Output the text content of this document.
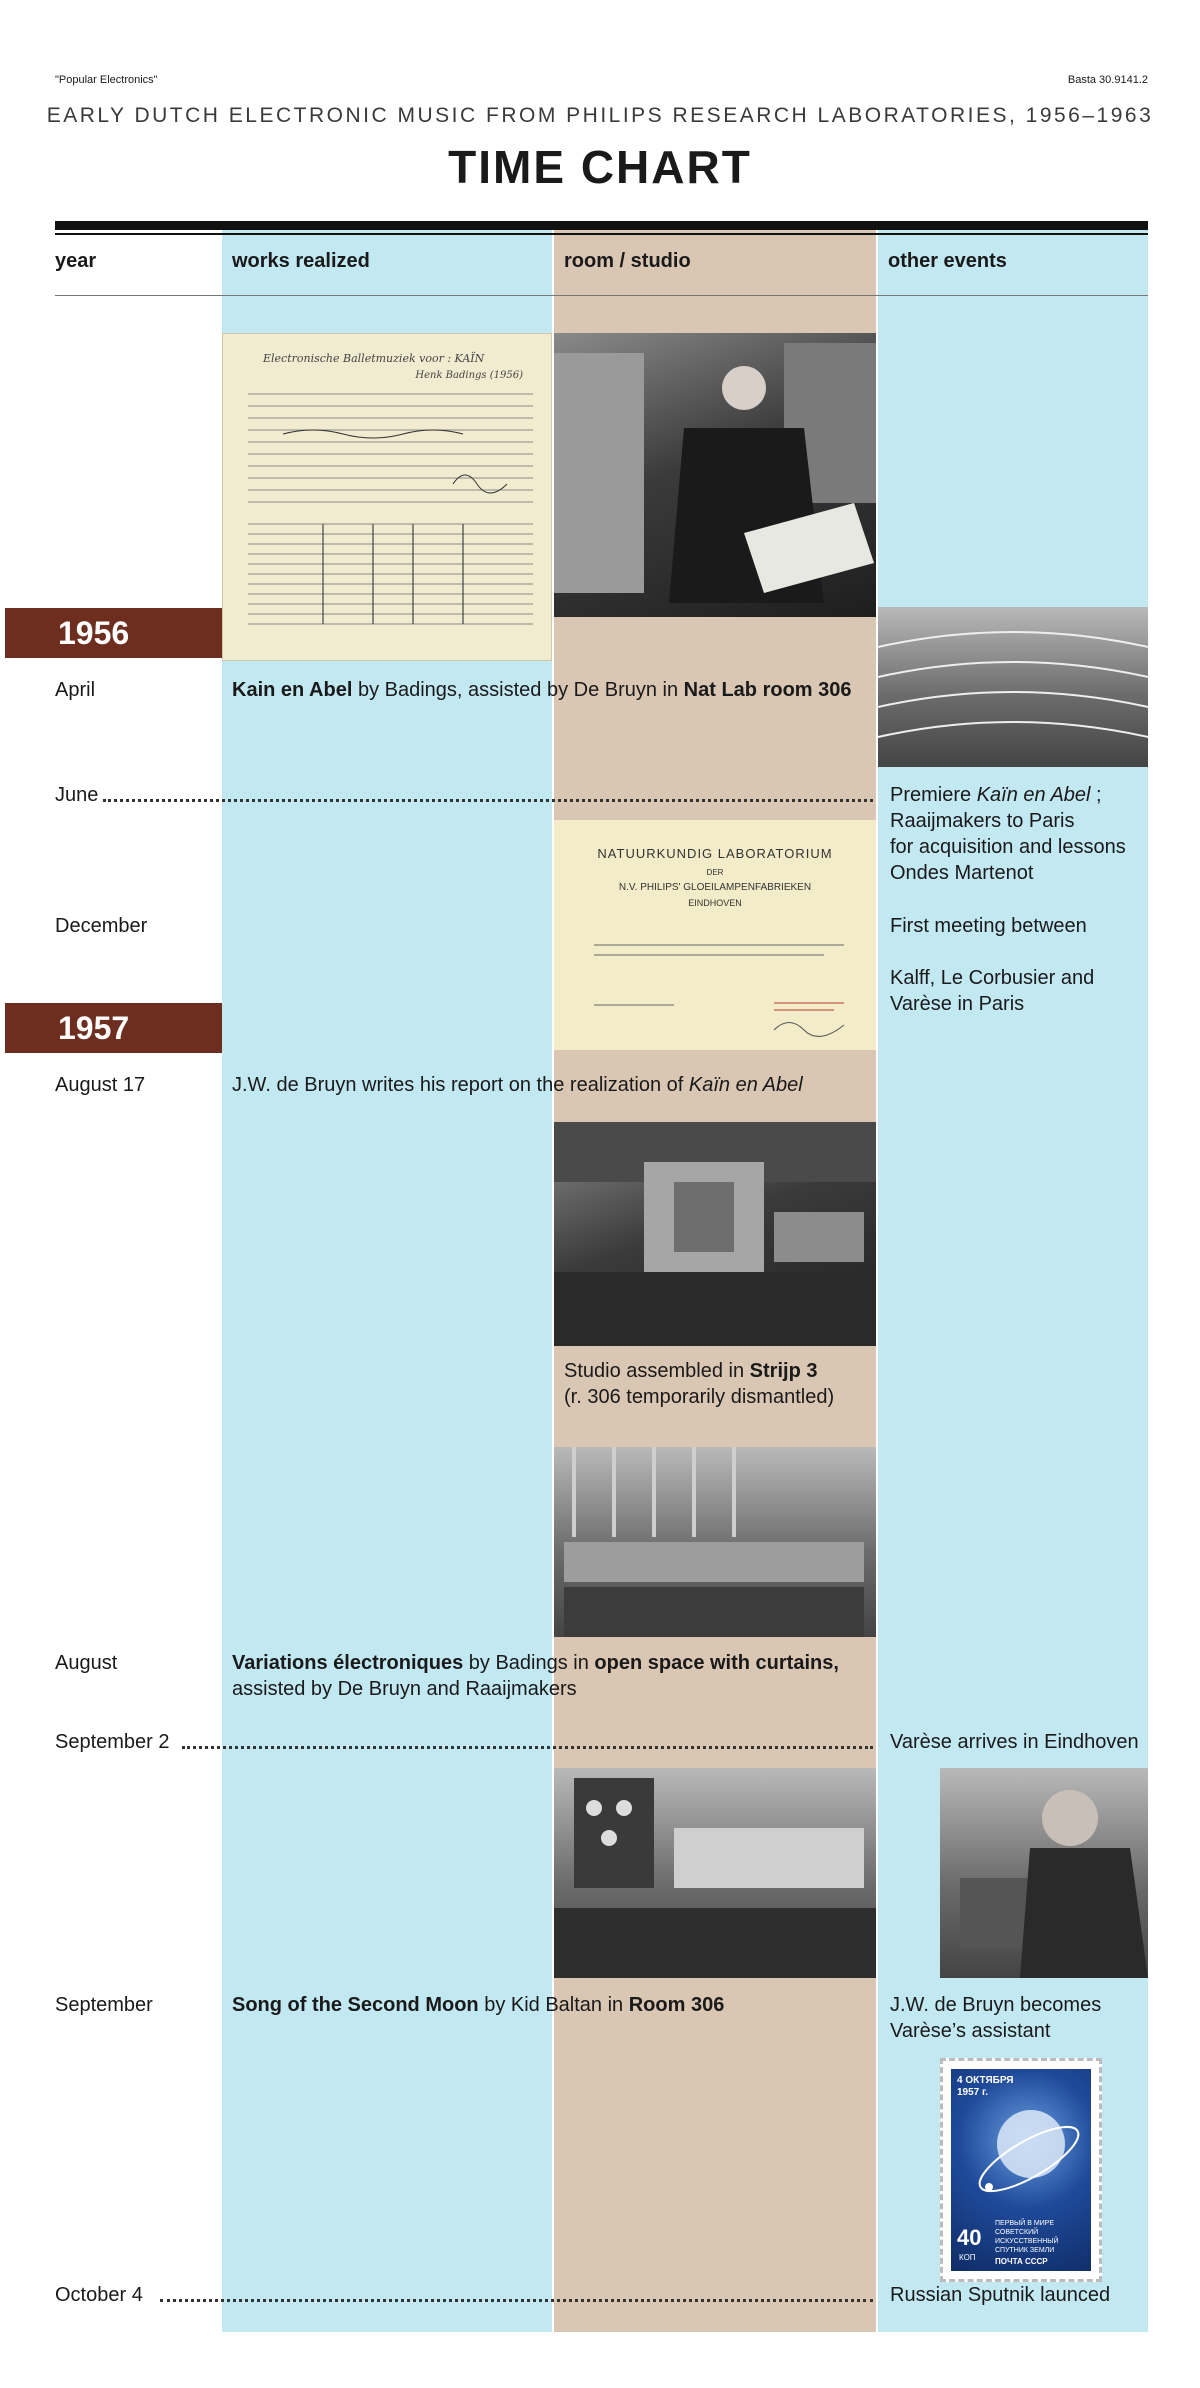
"Popular Electronics"	Basta 30.9141.2
EARLY DUTCH ELECTRONIC MUSIC FROM PHILIPS RESEARCH LABORATORIES, 1956–1963
TIME CHART
year	works realized	room / studio	other events
Electronische Balletmuziek voor : KAÏN
Henk Badings (1956)
1956
April	Kain en Abel by Badings, assisted by De Bruyn in Nat Lab room 306
June	Premiere Kaïn en Abel ;
Raaijmakers to Paris
for acquisition and lessons
Ondes Martenot
NATUURKUNDIG LABORATORIUM
DER
N.V. PHILIPS' GLOEILAMPENFABRIEKEN
EINDHOVEN
December	First meeting between
Kalff, Le Corbusier and
Varèse in Paris
1957
August 17	J.W. de Bruyn writes his report on the realization of Kaïn en Abel
Studio assembled in Strijp 3
(r. 306 temporarily dismantled)
August	Variations électroniques by Badings in open space with curtains,
assisted by De Bruyn and Raaijmakers
September 2	Varèse arrives in Eindhoven
September	Song of the Second Moon by Kid Baltan in Room 306	J.W. de Bruyn becomes
Varèse’s assistant
4 ОКТЯБРЯ 1957 г.
40
КОП
ПЕРВЫЙ В МИРЕ СОВЕТСКИЙ ИСКУССТВЕННЫЙ СПУТНИК ЗЕМЛИ
ПОЧТА СССР
October 4	Russian Sputnik launced
